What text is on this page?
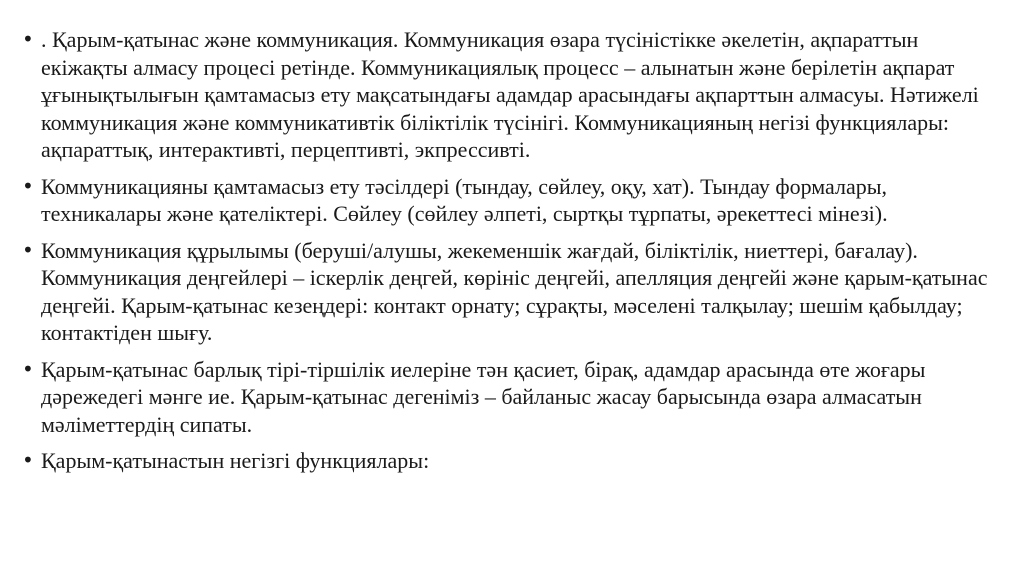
• . Қарым-қатынас және коммуникация. Коммуникация өзара түсіністікке әкелетін, ақпараттын екіжақты алмасу процесі ретінде. Коммуникациялық процесс – алынатын және берілетін ақпарат ұғынықтылығын қамтамасыз ету мақсатындағы адамдар арасындағы ақпарттын алмасуы. Нәтижелі коммуникация және коммуникативтік біліктілік түсінігі. Коммуникацияның негізі функциялары: ақпараттық, интерактивті, перцептивті, экпрессивті.
• Коммуникацияны қамтамасыз ету тәсілдері (тындау, сөйлеу, оқу, хат). Тындау формалары, техникалары және қателіктері. Сөйлеу (сөйлеу әлпеті, сыртқы тұрпаты, әрекеттесі мінезі).
• Коммуникация құрылымы (беруші/алушы, жекеменшік жағдай, біліктілік, ниеттері, бағалау). Коммуникация деңгейлері – іскерлік деңгей, көрініс деңгейі, апелляция деңгейі және қарым-қатынас деңгейі. Қарым-қатынас кезеңдері: контакт орнату; сұрақты, мәселені талқылау; шешім қабылдау; контактіден шығу.
• Қарым-қатынас барлық тірі-тіршілік иелеріне тән қасиет, бірақ, адамдар арасында өте жоғары дәрежедегі мәнге ие. Қарым-қатынас дегеніміз – байланыс жасау барысында өзара алмасатын мәліметтердің сипаты.
• Қарым-қатынастын негізгі функциялары:
